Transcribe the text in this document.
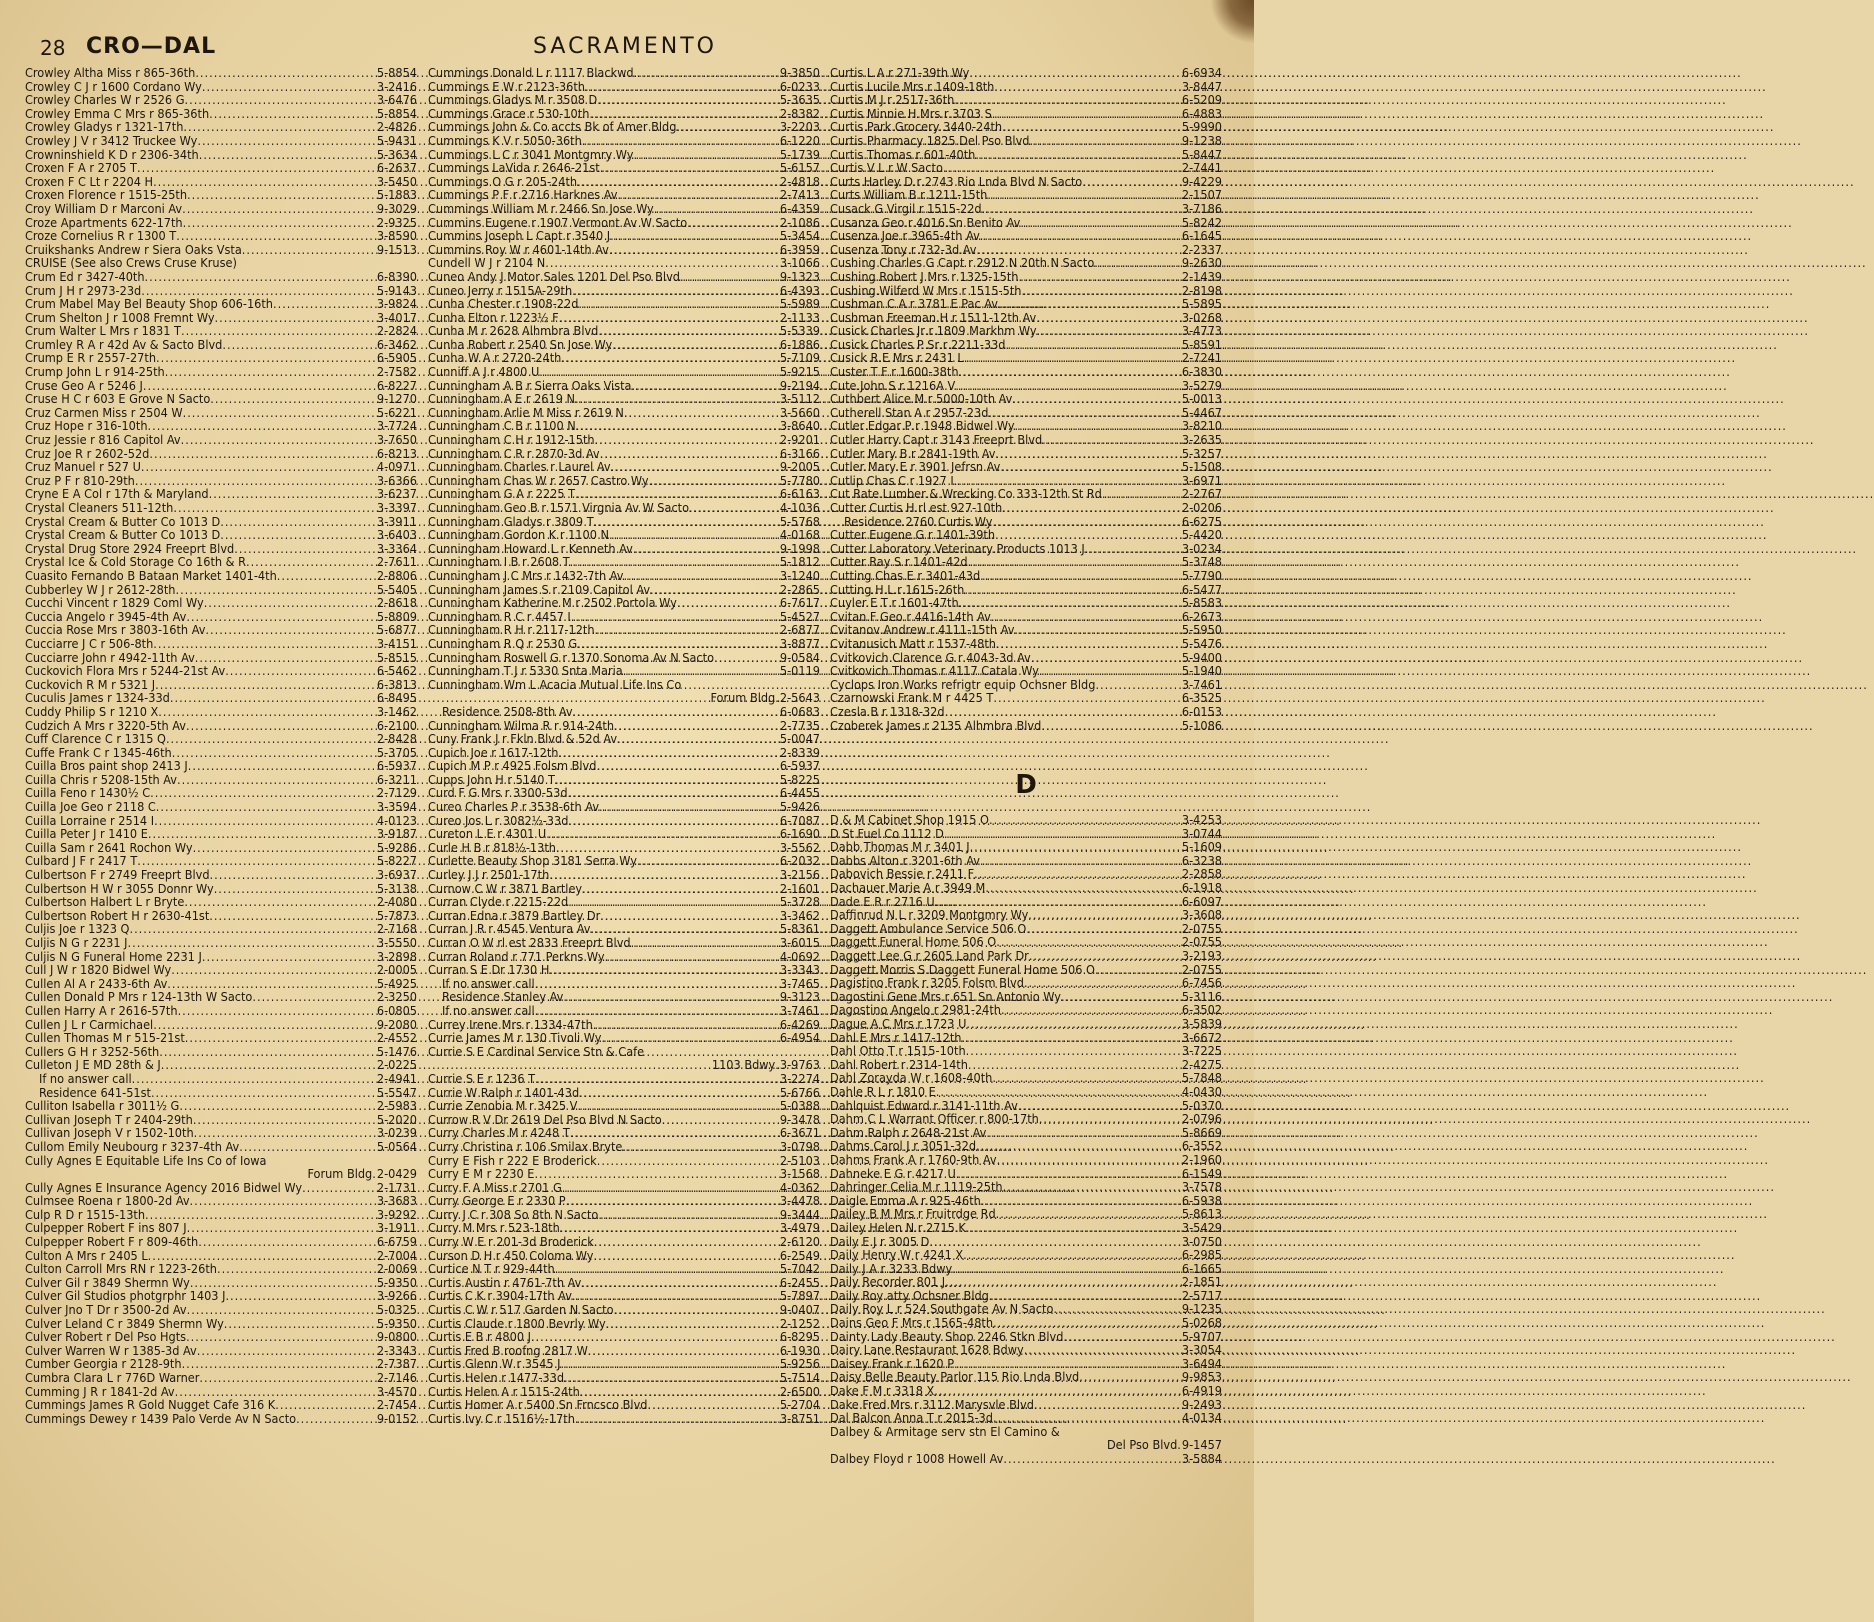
28 CRO—DAL	SACRAMENTO
Crowley Altha Miss r 865-36th .....	5-8854
Crowley C J r 1600 Cordano Wy .....	3-2416
Crowley Charles W r 2526 G .....	3-6476
Crowley Emma C Mrs r 865-36th .....	5-8854
Crowley Gladys r 1321-17th .....	2-4826
Crowley J V r 3412 Truckee Wy .....	5-9431
Crowninshield K D r 2306-34th .....	5-3634
Croxen F A r 2705 T .....	6-2637
Croxen F C Lt r 2204 H .....	3-5450
Croxen Florence r 1515-25th .....	5-1883
Croy William D r Marconi Av .....	9-3029
Croze Apartments 622-17th .....	2-9325
Croze Cornelius R r 1300 T .....	3-8590
Cruikshanks Andrew r Siera Oaks Vsta .....	9-1513
CRUISE (See also Crews Cruse Kruse)
Crum Ed r 3427-40th .....	6-8390
Crum J H r 2973-23d .....	5-9143
Crum Mabel May Bel Beauty Shop 606-16th .....	3-9824
Crum Shelton J r 1008 Fremnt Wy .....	3-4017
Crum Walter L Mrs r 1831 T .....	2-2824
Crumley R A r 42d Av & Sacto Blvd .....	6-3462
Crump E R r 2557-27th .....	6-5905
Crump John L r 914-25th .....	2-7582
Cruse Geo A r 5246 J .....	6-8227
Cruse H C r 603 E Grove N Sacto .....	9-1270
Cruz Carmen Miss r 2504 W .....	5-6221
Cruz Hope r 316-10th .....	3-7724
Cruz Jessie r 816 Capitol Av .....	3-7650
Cruz Joe R r 2602-52d .....	6-8213
Cruz Manuel r 527 U .....	4-0971
Cruz P F r 810-29th .....	3-6366
Cryne E A Col r 17th & Maryland .....	3-6237
Crystal Cleaners 511-12th .....	3-3397
Crystal Cream & Butter Co 1013 D .....	3-3911
Crystal Cream & Butter Co 1013 D .....	3-6403
Crystal Drug Store 2924 Freeprt Blvd .....	3-3364
Crystal Ice & Cold Storage Co 16th & R .....	2-7611
Cuasito Fernando B Bataan Market 1401-4th .....	2-8806
Cubberley W J r 2612-28th .....	5-5405
Cucchi Vincent r 1829 Coml Wy .....	2-8618
Cuccia Angelo r 3945-4th Av .....	5-8809
Cuccia Rose Mrs r 3803-16th Av .....	5-6877
Cucciarre J C r 506-8th .....	3-4151
Cucciarre John r 4942-11th Av .....	5-8515
Cuckovich Flora Mrs r 5244-21st Av .....	6-5462
Cuckovich R M r 5321 J .....	6-3813
Cuculis James r 1324-33d .....	6-8495
Cuddy Philip S r 1210 X .....	3-1462
Cudzich A Mrs r 3220-5th Av .....	6-2100
Cuff Clarence C r 1315 Q .....	2-8428
Cuffe Frank C r 1345-46th .....	5-3705
Cuilla Bros paint shop 2413 J .....	6-5937
Cuilla Chris r 5208-15th Av .....	6-3211
Cuilla Feno r 1430½ C .....	2-7129
Cuilla Joe Geo r 2118 C .....	3-3594
Cuilla Lorraine r 2514 I .....	4-0123
Cuilla Peter J r 1410 E .....	3-9187
Cuilla Sam r 2641 Rochon Wy .....	5-9286
Culbard J F r 2417 T .....	5-8227
Culbertson F r 2749 Freeprt Blvd .....	3-6937
Culbertson H W r 3055 Donnr Wy .....	5-3138
Culbertson Halbert L r Bryte .....	2-4080
Culbertson Robert H r 2630-41st .....	5-7873
Culjis Joe r 1323 Q .....	2-7168
Culjis N G r 2231 J .....	3-5550
Culjis N G Funeral Home 2231 J .....	3-2898
Cull J W r 1820 Bidwel Wy .....	2-0005
Cullen Al A r 2433-6th Av .....	5-4925
Cullen Donald P Mrs r 124-13th W Sacto .....	2-3250
Cullen Harry A r 2616-57th .....	6-0805
Cullen J L r Carmichael .....	9-2080
Cullen Thomas M r 515-21st .....	2-4552
Cullers G H r 3252-56th .....	5-1476
Culleton J E MD 28th & J .....	2-0225
If no answer call .....	2-4941
Residence 641-51st .....	5-5547
Culliton Isabella r 3011½ G .....	2-5983
Cullivan Joseph T r 2404-29th .....	5-2020
Cullivan Joseph V r 1502-10th .....	3-0239
Cullom Emily Neubourg r 3237-4th Av .....	5-0564
Cully Agnes E Equitable Life Ins Co of Iowa
Forum Bldg . 2-0429
Cully Agnes E Insurance Agency 2016 Bidwel Wy .....	2-1731
Culmsee Roena r 1800-2d Av .....	3-3683
Culp R D r 1515-13th .....	3-9292
Culpepper Robert F ins 807 J .....	3-1911
Culpepper Robert F r 809-46th .....	6-6759
Culton A Mrs r 2405 L .....	2-7004
Culton Carroll Mrs RN r 1223-26th .....	2-0069
Culver Gil r 3849 Shermn Wy .....	5-9350
Culver Gil Studios photgrphr 1403 J .....	3-9266
Culver Jno T Dr r 3500-2d Av .....	5-0325
Culver Leland C r 3849 Shermn Wy .....	5-9350
Culver Robert r Del Pso Hgts .....	9-0800
Culver Warren W r 1385-3d Av .....	2-3343
Cumber Georgia r 2128-9th .....	2-7387
Cumbra Clara L r 776D Warner .....	2-7146
Cumming J R r 1841-2d Av .....	3-4570
Cummings James R Gold Nugget Cafe 316 K .....	2-7454
Cummings Dewey r 1439 Palo Verde Av N Sacto .....	9-0152
Cummings Donald L r 1117 Blackwd .....	9-3850
Cummings E W r 2123-36th .....	6-0233
Cummings Gladys M r 3508 D .....	5-3635
Cummings Grace r 530-10th .....	2-8382
Cummings John & Co accts Bk of Amer Bldg .....	3-2203
Cummings K V r 5050-36th .....	6-1220
Cummings L C r 3041 Montgmry Wy .....	5-1739
Cummings LaVida r 2646-21st .....	5-6157
Cummings O G r 205-24th .....	2-4818
Cummings P F r 2716 Harknes Av .....	2-7413
Cummings William M r 2466 Sn Jose Wy .....	6-4359
Cummins Eugene r 1907 Vermont Av W Sacto .....	2-1086
Cummins Joseph L Capt r 3540 J .....	5-3454
Cummins Roy W r 4601-14th Av .....	6-3959
Cundell W J r 2104 N .....	3-1066
Cuneo Andy J Motor Sales 1201 Del Pso Blvd .....	9-1323
Cuneo Jerry r 1515A-29th .....	6-4393
Cunha Chester r 1908-22d .....	5-5989
Cunha Elton r 1223½ F .....	2-1133
Cunha M r 2628 Alhmbra Blvd .....	5-5339
Cunha Robert r 2540 Sn Jose Wy .....	6-1886
Cunha W A r 2720-24th .....	5-7109
Cunniff A J r 4800 U .....	5-9215
Cunningham A B r Sierra Oaks Vista .....	9-2194
Cunningham A E r 2619 N .....	3-5112
Cunningham Arlie M Miss r 2619 N .....	3-5660
Cunningham C B r 1100 N .....	3-8640
Cunningham C H r 1912-15th .....	2-9201
Cunningham C R r 2870-3d Av .....	6-3166
Cunningham Charles r Laurel Av .....	9-2005
Cunningham Chas W r 2657 Castro Wy .....	5-7780
Cunningham G A r 2225 T .....	6-6163
Cunningham Geo B r 1571 Virgnia Av W Sacto .....	4-1036
Cunningham Gladys r 3809 T .....	5-5768
Cunningham Gordon K r 1100 N .....	4-0168
Cunningham Howard L r Kenneth Av .....	9-1998
Cunningham I B r 2608 T .....	5-1812
Cunningham J C Mrs r 1432-7th Av .....	3-1240
Cunningham James S r 2109 Capitol Av .....	2-2865
Cunningham Katherine M r 2502 Portola Wy .....	6-7617
Cunningham R C r 4457 I .....	5-4527
Cunningham R H r 2117-12th .....	2-6877
Cunningham R Q r 2530 G .....	3-8877
Cunningham Roswell G r 1370 Sonoma Av N Sacto .....	9-0584
Cunningham T J r 5330 Snta Maria .....	5-0119
Cunningham Wm L Acacia Mutual Life Ins Co
Forum Bldg . 2-5643
Residence 2508-8th Av .....	6-0683
Cunningham Wilma R r 914-24th .....	2-7735
Cuny Frank J r Fkln Blvd & 52d Av .....	5-0047
Cupich Joe r 1617-12th .....	2-8339
Cupich M P r 4925 Folsm Blvd .....	6-5937
Cupps John H r 5140 T .....	5-8225
Curd F G Mrs r 3300-53d .....	6-4455
Cureo Charles P r 3538-6th Av .....	5-9426
Cureo Jos L r 3082½-33d .....	6-7087
Cureton L E r 4301 U .....	6-1690
Curle H B r 818½-13th .....	3-5562
Curlette Beauty Shop 3181 Serra Wy .....	6-2032
Curley J J r 2501-17th .....	3-2156
Curnow C W r 3871 Bartley .....	2-1601
Curran Clyde r 2215-22d .....	5-3728
Curran Edna r 3879 Bartley Dr .....	3-3462
Curran J R r 4545 Ventura Av .....	5-8361
Curran O W rl est 2833 Freeprt Blvd .....	3-6015
Curran Roland r 771 Perkns Wy .....	4-0692
Curran S E Dr 1730 H .....	3-3343
If no answer call .....	3-7465
Residence Stanley Av .....	9-3123
If no answer call .....	3-7461
Currey Irene Mrs r 1334-47th .....	6-4269
Currie James M r 130 Tivoli Wy .....	6-4954
Currie S E Cardinal Service Stn & Cafe
1103 Bdwy . 3-9763
Currie S E r 1236 T .....	3-2274
Currie W Ralph r 1401-43d .....	5-6766
Currie Zenobia M r 3425 V .....	5-0388
Currow R V Dr 2619 Del Pso Blvd N Sacto .....	9-3478
Curry Charles M r 4248 T .....	6-3671
Curry Christina r 106 Smilax Bryte .....	3-0798
Curry E Fish r 222 E Broderick .....	2-5103
Curry E M r 2230 E .....	3-1568
Curry F A Miss r 2701 G .....	4-0362
Curry George E r 2330 P .....	3-4478
Curry J C r 308 So 8th N Sacto .....	9-3444
Curry M Mrs r 523-18th .....	3-4979
Curry W E r 201-3d Broderick .....	2-6120
Curson D H r 450 Coloma Wy .....	6-2549
Curtice N T r 929-44th .....	5-7042
Curtis Austin r 4761-7th Av .....	6-2455
Curtis C K r 3904-17th Av .....	5-7897
Curtis C W r 517 Garden N Sacto .....	9-0407
Curtis Claude r 1800 Bevrly Wy .....	2-1252
Curtis E B r 4800 J .....	6-8295
Curtis Fred B roofng 2817 W .....	6-1930
Curtis Glenn W r 3545 J .....	5-9256
Curtis Helen r 1477-33d .....	5-7514
Curtis Helen A r 1515-24th .....	2-6500
Curtis Homer A r 5400 Sn Frncsco Blvd .....	5-2704
Curtis Ivy C r 1516½-17th .....	3-8751
Curtis L A r 271-39th Wy .....	6-6934
Curtis Lucile Mrs r 1409-18th .....	3-8447
Curtis M J r 2517-36th .....	6-5209
Curtis Minnie H Mrs r 3703 S .....	6-4883
Curtis Park Grocery 3440-24th .....	5-9990
Curtis Pharmacy 1825 Del Pso Blvd .....	9-1238
Curtis Thomas r 601-40th .....	5-8447
Curtis V L r W Sacto .....	2-7441
Curts Harley D r 2743 Rio Lnda Blvd N Sacto .....	9-4229
Curts William B r 1211-15th .....	2-1507
Cusack G Virgil r 1515-22d .....	3-7186
Cusanza Geo r 4016 Sn Benito Av .....	5-8242
Cusenza Joe r 3965-4th Av .....	6-1645
Cusenza Tony r 732-3d Av .....	2-2337
Cushing Charles G Capt r 2912 N 20th N Sacto .....	9-2630
Cushing Robert J Mrs r 1325-15th .....	2-1439
Cushing Wilferd W Mrs r 1515-5th .....	2-8198
Cushman C A r 3781 E Pac Av .....	5-5895
Cushman Freeman H r 1511-12th Av .....	3-0268
Cusick Charles Jr r 1809 Markhm Wy .....	3-4773
Cusick Charles P Sr r 2211-33d .....	5-8591
Cusick R E Mrs r 2431 L .....	2-7241
Custer T F r 1600-38th .....	6-3830
Cute John S r 1216A V .....	3-5279
Cuthbert Alice M r 5000-10th Av .....	5-0013
Cutherell Stan A r 2957-23d .....	5-4467
Cutler Edgar P r 1948 Bidwel Wy .....	3-8210
Cutler Harry Capt r 3143 Freeprt Blvd .....	3-2635
Cutler Mary B r 2841-19th Av .....	5-3257
Cutler Mary E r 3901 Jefrsn Av .....	5-1508
Cutlip Chas C r 1927 I .....	3-6971
Cut Rate Lumber & Wrecking Co 333-12th St Rd .....	2-2767
Cutter Curtis H rl est 927-10th .....	2-0206
Residence 2760 Curtis Wy .....	6-6275
Cutter Eugene G r 1401-39th .....	5-4420
Cutter Laboratory Veterinary Products 1013 J .....	3-0234
Cutter Ray S r 1401-42d .....	5-3748
Cutting Chas E r 3401-43d .....	5-7790
Cutting H L r 1615-26th .....	6-5477
Cuyler E T r 1601-47th .....	5-8583
Cvitan F Geo r 4416-14th Av .....	6-2673
Cvitanov Andrew r 4111-15th Av .....	5-5950
Cvitanusich Matt r 1537-48th .....	5-5476
Cvitkovich Clarence G r 4043-3d Av .....	5-9400
Cvitkovich Thomas r 4117 Catala Wy .....	5-1940
Cyclops Iron Works refrigtr equip Ochsner Bldg .....	3-7461
Czarnowski Frank M r 4425 T .....	6-3525
Czesla B r 1318-32d .....	6-0153
Czoberek James r 2135 Alhmbra Blvd .....	5-1086
D
D & M Cabinet Shop 1915 O .....	3-4253
D St Fuel Co 1112 D .....	3-0744
Dabb Thomas M r 3401 J .....	5-1609
Dabbs Alton r 3201-6th Av .....	6-3238
Dabovich Bessie r 2411 F .....	2-2858
Dachauer Marie A r 3949 M .....	6-1918
Dade E R r 2716 U .....	6-6097
Daffinrud N L r 3209 Montgmry Wy .....	3-3608
Daggett Ambulance Service 506 O .....	2-0755
Daggett Funeral Home 506 O .....	2-0755
Daggett Lee G r 2605 Land Park Dr .....	3-2193
Daggett Morris S Daggett Funeral Home 506 O .....	2-0755
Dagistino Frank r 3205 Folsm Blvd .....	6-7456
Dagostini Gene Mrs r 651 Sn Antonio Wy .....	5-3116
Dagostino Angelo r 2981-24th .....	6-3502
Dague A C Mrs r 1723 U .....	3-5839
Dahl E Mrs r 1417-12th .....	3-6672
Dahl Otto T r 1515-10th .....	3-7225
Dahl Robert r 2314-14th .....	2-4275
Dahl Zorayda W r 1608-40th .....	5-7848
Dahle R L r 1810 E .....	4-0430
Dahlquist Edward r 3141-11th Av .....	5-0370
Dahm C L Warrant Officer r 800-17th .....	2-0796
Dahm Ralph r 2648-21st Av .....	5-8669
Dahms Carol J r 3051-32d .....	6-3552
Dahms Frank A r 1760-9th Av .....	2-1960
Dahneke E G r 4217 U .....	6-1549
Dahringer Celia M r 1119-25th .....	3-7578
Daigle Emma A r 925-46th .....	6-5938
Dailey B M Mrs r Fruitrdge Rd .....	5-8613
Dailey Helen N r 2715 K .....	3-5429
Daily E J r 3005 D .....	3-0750
Daily Henry W r 4241 X .....	6-2985
Daily J A r 3233 Bdwy .....	6-1665
Daily Recorder 801 J .....	2-1851
Daily Roy atty Ochsner Bldg .....	2-5717
Daily Roy L r 524 Southgate Av N Sacto .....	9-1235
Dains Geo F Mrs r 1565-48th .....	5-0268
Dainty Lady Beauty Shop 2246 Stkn Blvd .....	5-9707
Dairy Lane Restaurant 1628 Bdwy .....	3-3054
Daisey Frank r 1620 P .....	3-6494
Daisy Belle Beauty Parlor 115 Rio Lnda Blvd .....	9-9853
Dake F M r 3318 X .....	6-4919
Dake Fred Mrs r 3112 Marysvle Blvd .....	9-2493
Dal Balcon Anna T r 2015-3d .....	4-0134
Dalbey & Armitage serv stn El Camino &
Del Pso Blvd . 9-1457
Dalbey Floyd r 1008 Howell Av .....	3-5884
